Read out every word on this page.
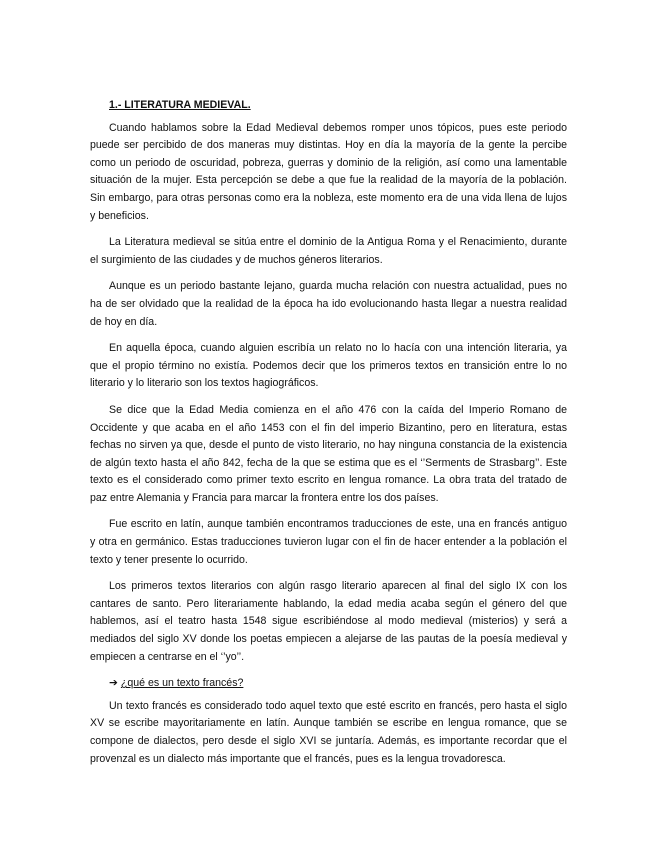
1.- LITERATURA MEDIEVAL.

Cuando hablamos sobre la Edad Medieval debemos romper unos tópicos, pues este periodo puede ser percibido de dos maneras muy distintas. Hoy en día la mayoría de la gente la percibe como un periodo de oscuridad, pobreza, guerras y dominio de la religión, así como una lamentable situación de la mujer. Esta percepción se debe a que fue la realidad de la mayoría de la población. Sin embargo, para otras personas como era la nobleza, este momento era de una vida llena de lujos y beneficios.

La Literatura medieval se sitúa entre el dominio de la Antigua Roma y el Renacimiento, durante el surgimiento de las ciudades y de muchos géneros literarios.

Aunque es un periodo bastante lejano, guarda mucha relación con nuestra actualidad, pues no ha de ser olvidado que la realidad de la época ha ido evolucionando hasta llegar a nuestra realidad de hoy en día.

En aquella época, cuando alguien escribía un relato no lo hacía con una intención literaria, ya que el propio término no existía. Podemos decir que los primeros textos en transición entre lo no literario y lo literario son los textos hagiográficos.

Se dice que la Edad Media comienza en el año 476 con la caída del Imperio Romano de Occidente y que acaba en el año 1453 con el fin del imperio Bizantino, pero en literatura, estas fechas no sirven ya que, desde el punto de visto literario, no hay ninguna constancia de la existencia de algún texto hasta el año 842, fecha de la que se estima que es el ‘’Serments de Strasbarg’’. Este texto es el considerado como primer texto escrito en lengua romance. La obra trata del tratado de paz entre Alemania y Francia para marcar la frontera entre los dos países.

Fue escrito en latín, aunque también encontramos traducciones de este, una en francés antiguo y otra en germánico. Estas traducciones tuvieron lugar con el fin de hacer entender a la población el texto y tener presente lo ocurrido.

Los primeros textos literarios con algún rasgo literario aparecen al final del siglo IX con los cantares de santo. Pero literariamente hablando, la edad media acaba según el género del que hablemos, así el teatro hasta 1548 sigue escribiéndose al modo medieval (misterios) y será a mediados del siglo XV donde los poetas empiecen a alejarse de las pautas de la poesía medieval y empiecen a centrarse en el ‘’yo’’.

➔ ¿qué es un texto francés?

Un texto francés es considerado todo aquel texto que esté escrito en francés, pero hasta el siglo XV se escribe mayoritariamente en latín. Aunque también se escribe en lengua romance, que se compone de dialectos, pero desde el siglo XVI se juntaría. Además, es importante recordar que el provenzal es un dialecto más importante que el francés, pues es la lengua trovadoresca.
